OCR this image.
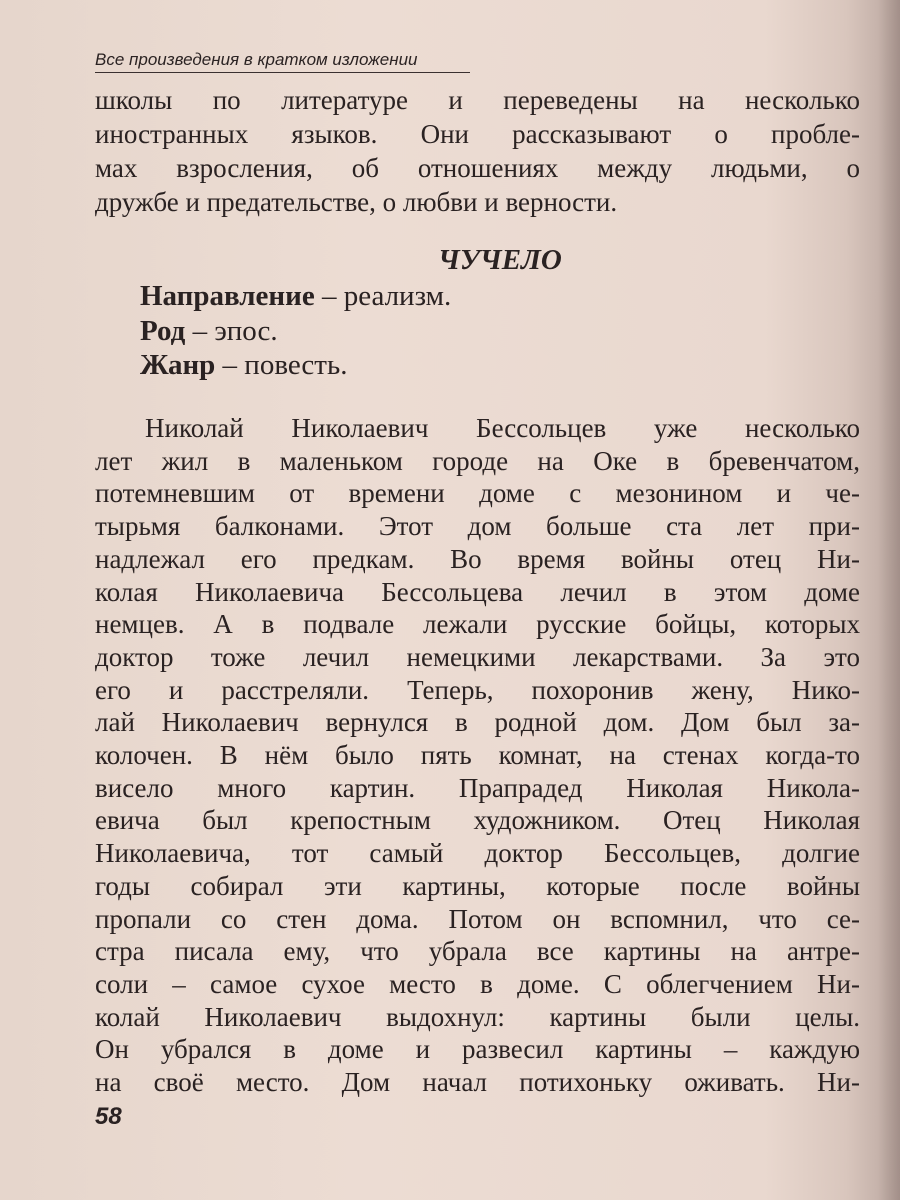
Все произведения в кратком изложении
школы по литературе и переведены на несколько
иностранных языков. Они рассказывают о пробле-
мах взросления, об отношениях между людьми, о
дружбе и предательстве, о любви и верности.
ЧУЧЕЛО
Направление – реализм.
Род – эпос.
Жанр – повесть.
Николай Николаевич Бессольцев уже несколько
лет жил в маленьком городе на Оке в бревенчатом,
потемневшим от времени доме с мезонином и че-
тырьмя балконами. Этот дом больше ста лет при-
надлежал его предкам. Во время войны отец Ни-
колая Николаевича Бессольцева лечил в этом доме
немцев. А в подвале лежали русские бойцы, которых
доктор тоже лечил немецкими лекарствами. За это
его и расстреляли. Теперь, похоронив жену, Нико-
лай Николаевич вернулся в родной дом. Дом был за-
колочен. В нём было пять комнат, на стенах когда-то
висело много картин. Прапрадед Николая Никола-
евича был крепостным художником. Отец Николая
Николаевича, тот самый доктор Бессольцев, долгие
годы собирал эти картины, которые после войны
пропали со стен дома. Потом он вспомнил, что се-
стра писала ему, что убрала все картины на антре-
соли – самое сухое место в доме. С облегчением Ни-
колай Николаевич выдохнул: картины были целы.
Он убрался в доме и развесил картины – каждую
на своё место. Дом начал потихоньку оживать. Ни-
58
